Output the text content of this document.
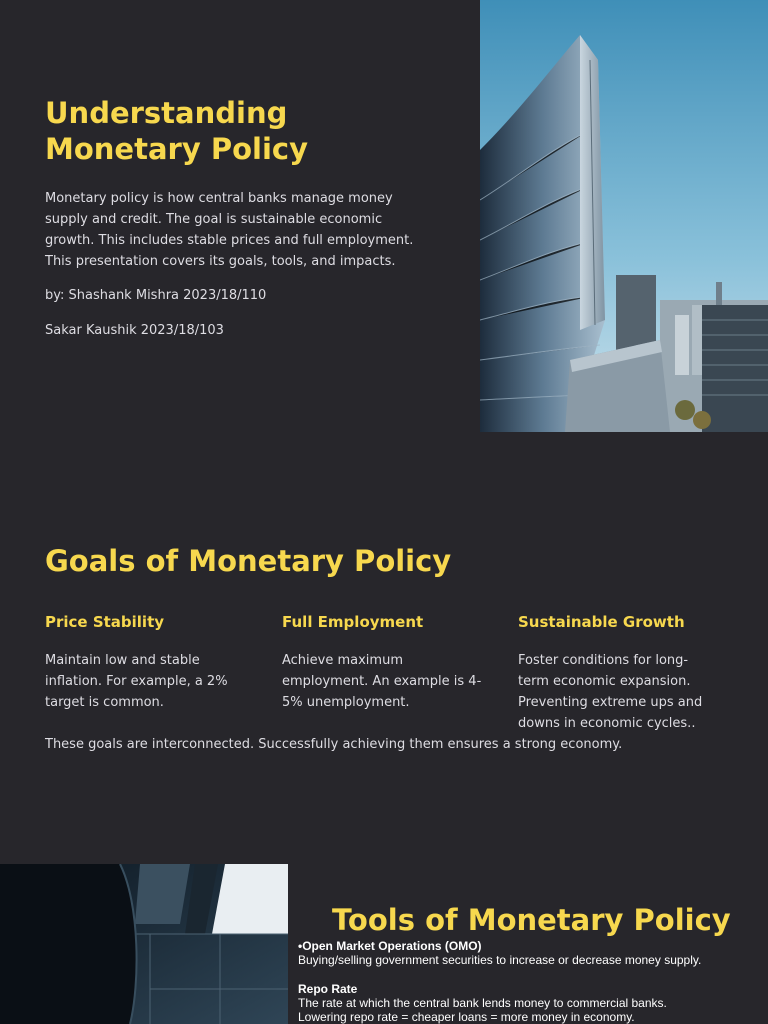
Understanding
Monetary Policy

Monetary policy is how central banks manage money supply and credit. The goal is sustainable economic growth. This includes stable prices and full employment. This presentation covers its goals, tools, and impacts.

by: Shashank Mishra 2023/18/110

Sakar Kaushik 2023/18/103

Goals of Monetary Policy
Price Stability

Maintain low and stable inflation. For example, a 2% target is common.

Full Employment

Achieve maximum employment. An example is 4-5% unemployment.

Sustainable Growth

Foster conditions for long-term economic expansion. Preventing extreme ups and downs in economic cycles..

These goals are interconnected. Successfully achieving them ensures a strong economy.

Tools of Monetary Policy
•Open Market Operations (OMO)
Buying/selling government securities to increase or decrease money supply.
Repo Rate
The rate at which the central bank lends money to commercial banks.
Lowering repo rate = cheaper loans = more money in economy.
